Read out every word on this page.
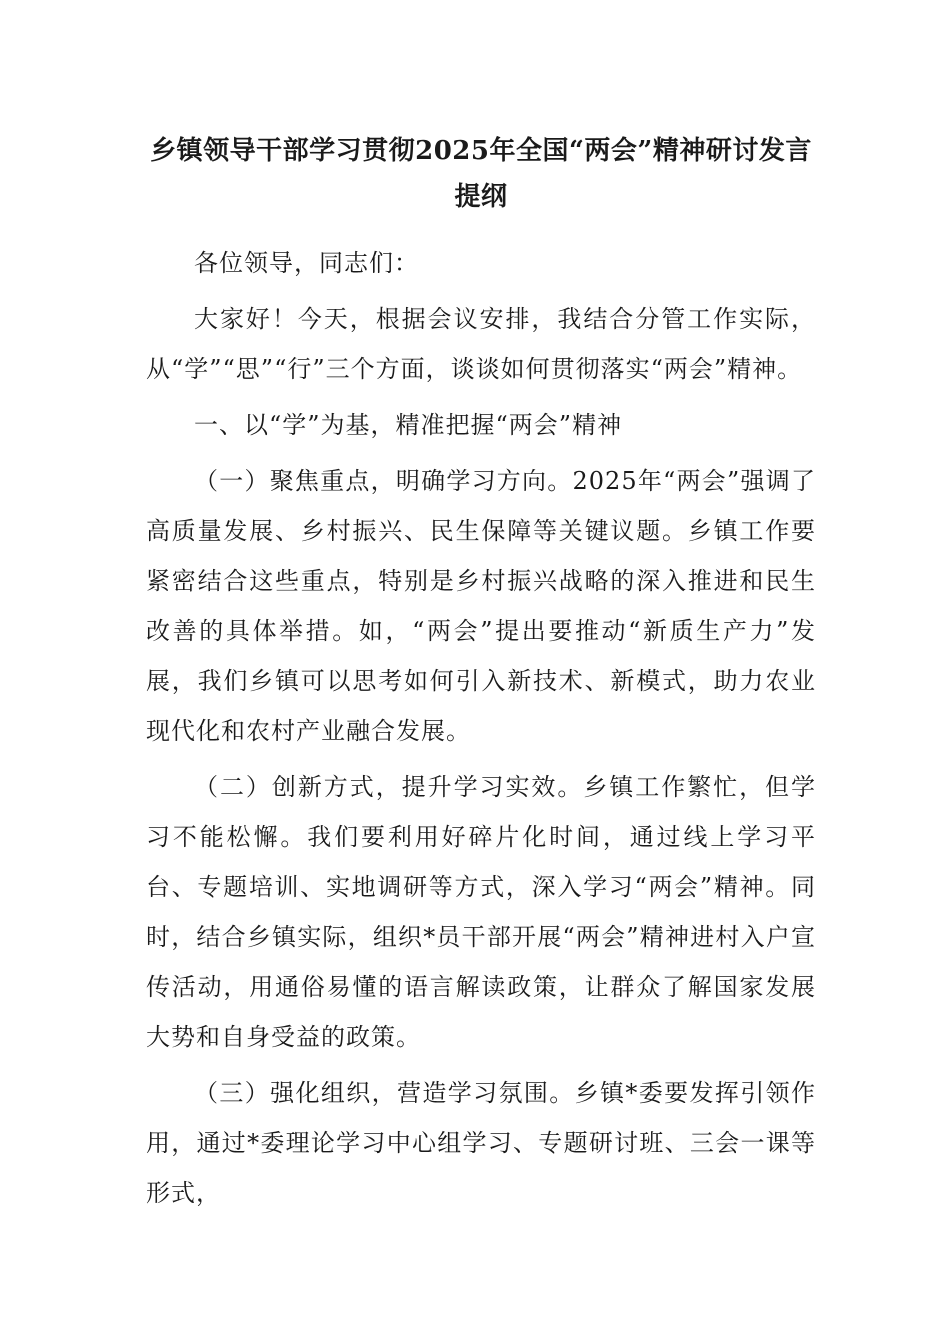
乡镇领导干部学习贯彻2025年全国“两会”精神研讨发言
提纲

各位领导，同志们：

大家好！今天，根据会议安排，我结合分管工作实际，从“学”“思”“行”三个方面，谈谈如何贯彻落实“两会”精神。

一、以“学”为基，精准把握“两会”精神

（一）聚焦重点，明确学习方向。2025年“两会”强调了高质量发展、乡村振兴、民生保障等关键议题。乡镇工作要紧密结合这些重点，特别是乡村振兴战略的深入推进和民生改善的具体举措。如，“两会”提出要推动“新质生产力”发展，我们乡镇可以思考如何引入新技术、新模式，助力农业现代化和农村产业融合发展。

（二）创新方式，提升学习实效。乡镇工作繁忙，但学习不能松懈。我们要利用好碎片化时间，通过线上学习平台、专题培训、实地调研等方式，深入学习“两会”精神。同时，结合乡镇实际，组织*员干部开展“两会”精神进村入户宣传活动，用通俗易懂的语言解读政策，让群众了解国家发展大势和自身受益的政策。

（三）强化组织，营造学习氛围。乡镇*委要发挥引领作用，通过*委理论学习中心组学习、专题研讨班、三会一课等形式，
